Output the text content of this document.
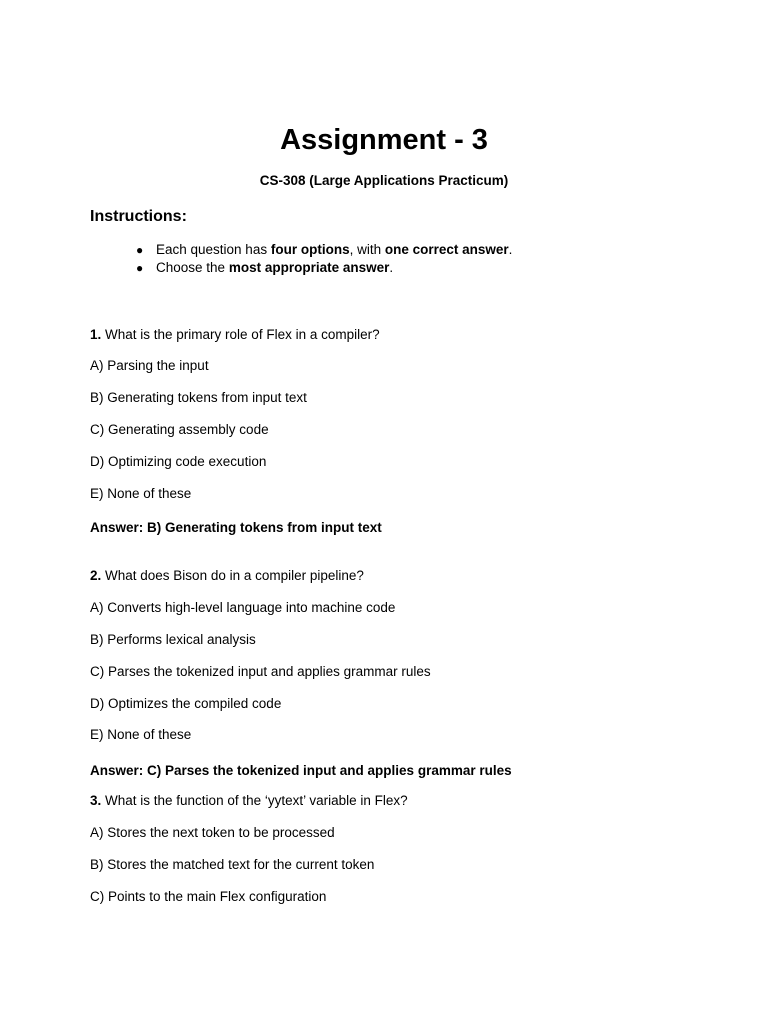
Assignment - 3
CS-308 (Large Applications Practicum)
Instructions:
● Each question has four options, with one correct answer.
● Choose the most appropriate answer.
1. What is the primary role of Flex in a compiler?
A) Parsing the input
B) Generating tokens from input text
C) Generating assembly code
D) Optimizing code execution
E) None of these
Answer: B) Generating tokens from input text
2. What does Bison do in a compiler pipeline?
A) Converts high-level language into machine code
B) Performs lexical analysis
C) Parses the tokenized input and applies grammar rules
D) Optimizes the compiled code
E) None of these
Answer: C) Parses the tokenized input and applies grammar rules
3. What is the function of the ‘yytext’ variable in Flex?
A) Stores the next token to be processed
B) Stores the matched text for the current token
C) Points to the main Flex configuration
